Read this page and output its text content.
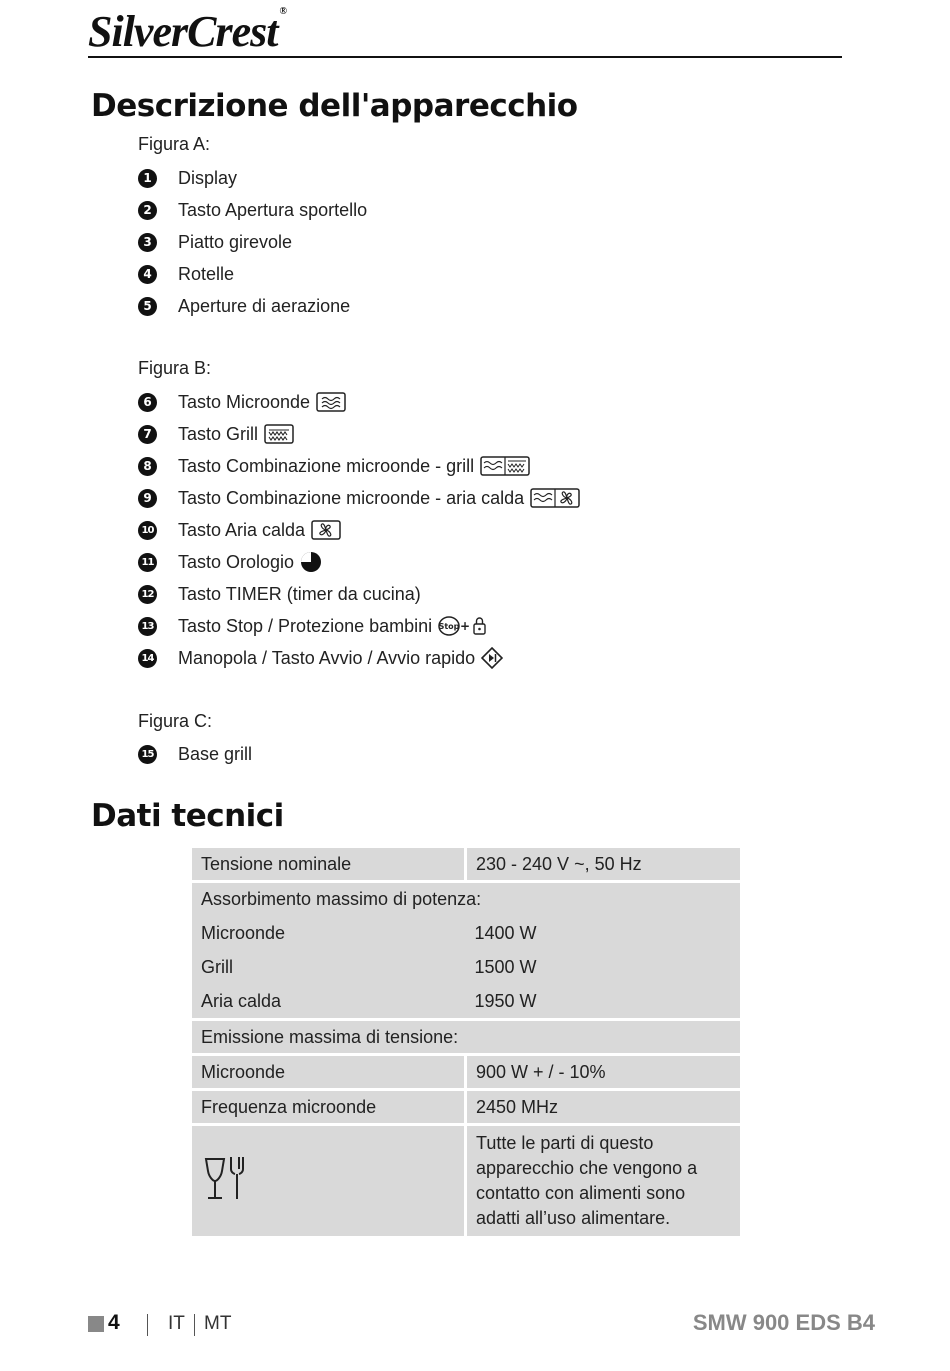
SilverCrest ®
Descrizione dell'apparecchio
Figura A:
1 Display
2 Tasto Apertura sportello
3 Piatto girevole
4 Rotelle
5 Aperture di aerazione
Figura B:
6 Tasto Microonde
7 Tasto Grill
8 Tasto Combinazione microonde - grill
9 Tasto Combinazione microonde - aria calda
10 Tasto Aria calda
11 Tasto Orologio
12 Tasto TIMER (timer da cucina)
13 Tasto Stop / Protezione bambini Stop +
14 Manopola / Tasto Avvio / Avvio rapido
Figura C:
15 Base grill
Dati tecnici
Tensione nominale	230 - 240 V ~, 50 Hz
Assorbimento massimo di potenza:	
Microonde	1400 W
Grill	1500 W
Aria calda	1950 W
Emissione massima di tensione:	
Microonde	900 W + / - 10%
Frequenza microonde	2450 MHz
	Tutte le parti di questo apparecchio che vengono a contatto con alimenti sono adatti all’uso alimentare.
4	IT MT	SMW 900 EDS B4
